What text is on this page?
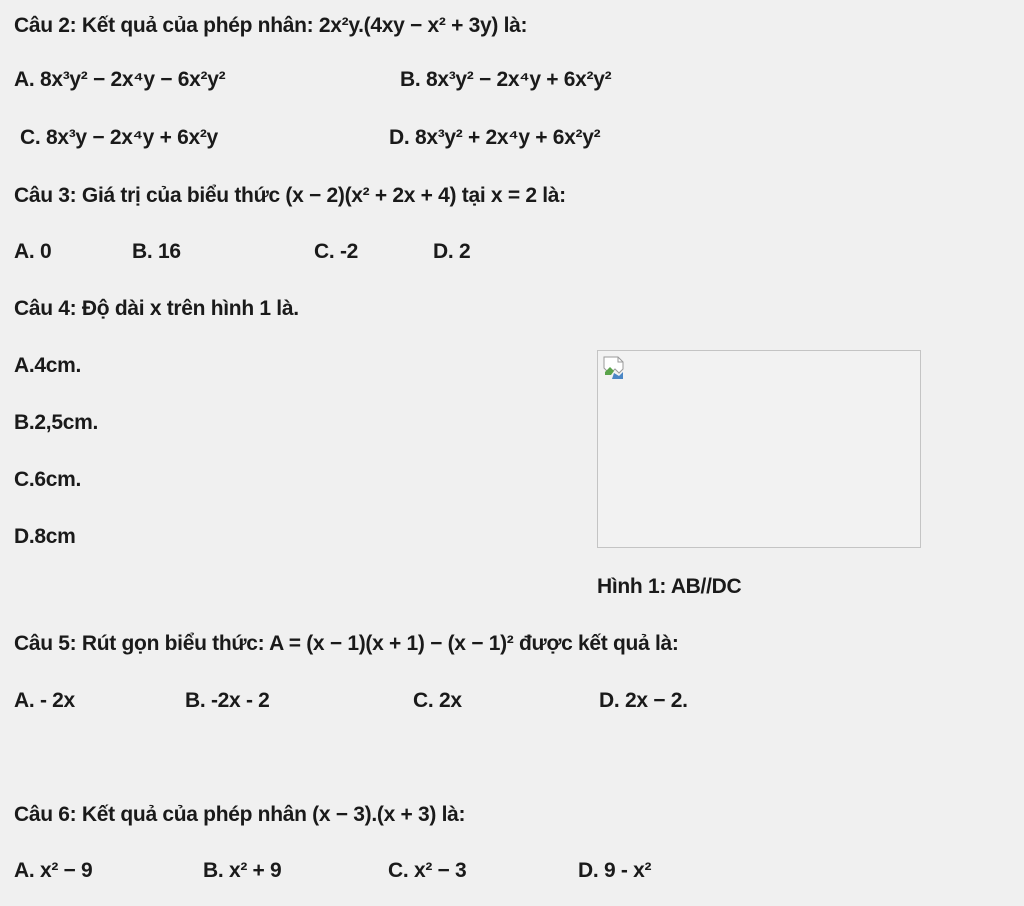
Câu 2: Kết quả của phép nhân: 2x²y.(4xy − x² + 3y) là:
A. 8x³y² − 2x⁴y − 6x²y²	B. 8x³y² − 2x⁴y + 6x²y²
C. 8x³y − 2x⁴y + 6x²y	D. 8x³y² + 2x⁴y + 6x²y²
Câu 3: Giá trị của biểu thức (x − 2)(x² + 2x + 4) tại x = 2 là:
A. 0	B. 16	C. -2	D. 2
Câu 4: Độ dài x trên hình 1 là.
A.4cm.
B.2,5cm.
C.6cm.
D.8cm
Hình 1: AB//DC
Câu 5: Rút gọn biểu thức: A = (x − 1)(x + 1) − (x − 1)² được kết quả là:
A. - 2x	B. -2x - 2	C. 2x	D. 2x − 2.
Câu 6: Kết quả của phép nhân (x − 3).(x + 3) là:
A. x² − 9	B. x² + 9	C. x² − 3	D. 9 - x²
